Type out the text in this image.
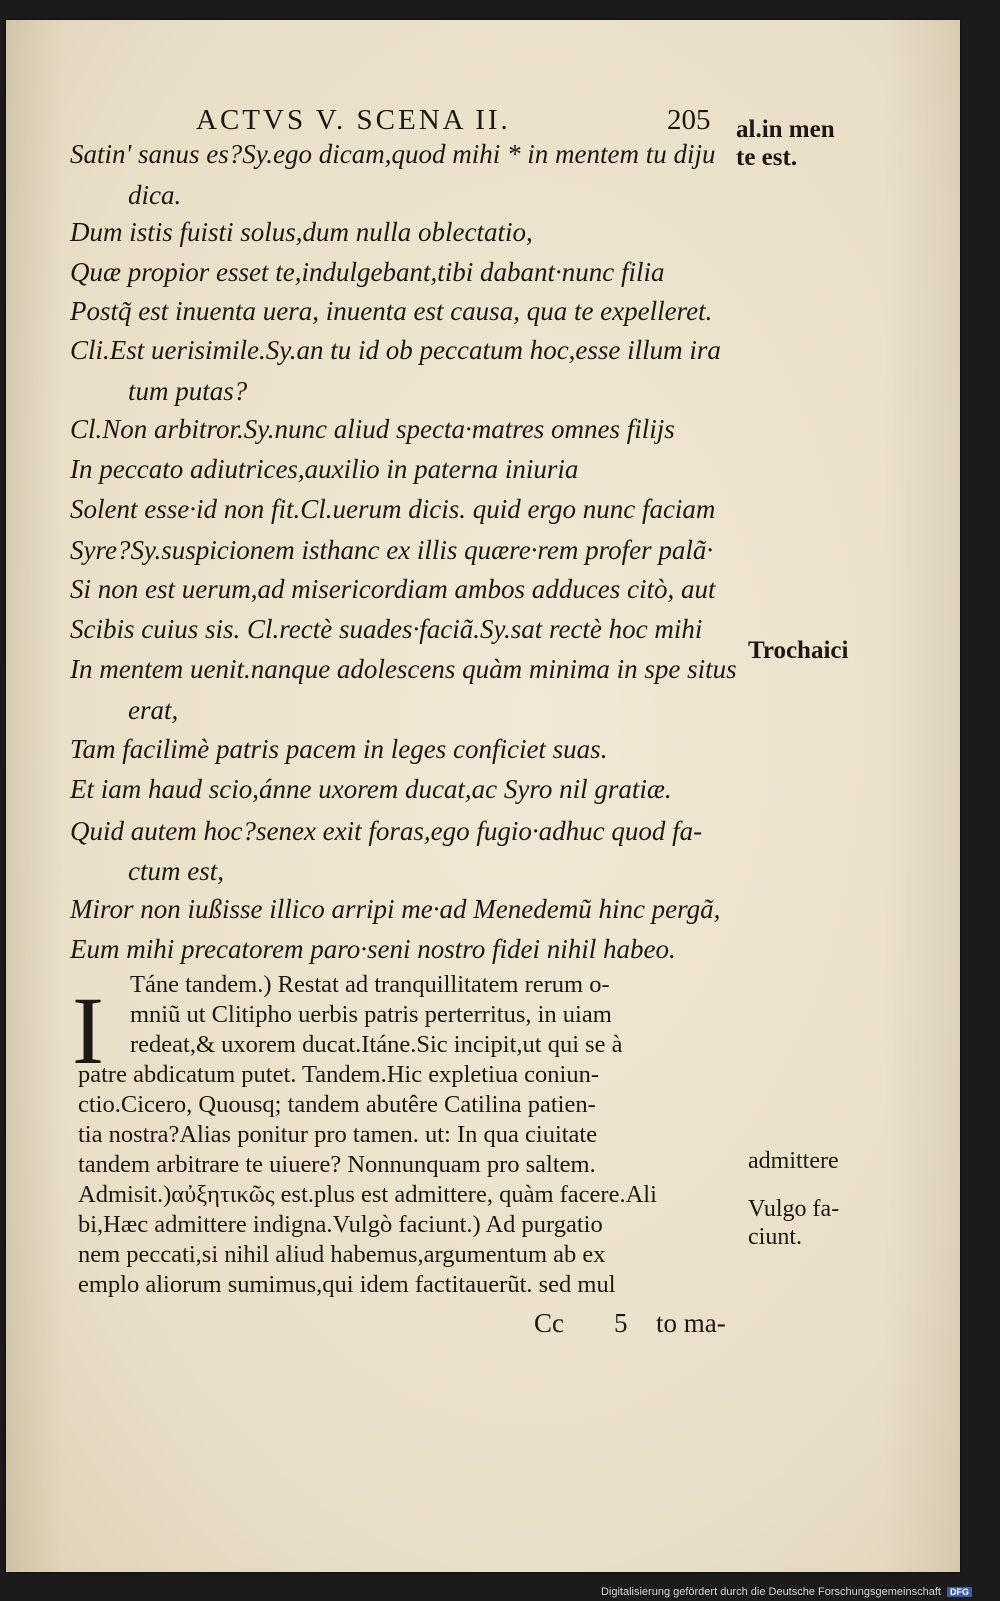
ACTVS V. SCENA II.	205
Satin' sanus es?Sy.ego dicam,quod mihi * in mentem tu diju
dica.
Dum istis fuisti solus,dum nulla oblectatio,
Quæ propior esset te,indulgebant,tibi dabant·nunc filia
Postq̃ est inuenta uera, inuenta est causa, qua te expelleret.
Cli.Est uerisimile.Sy.an tu id ob peccatum hoc,esse illum ira
tum putas?
Cl.Non arbitror.Sy.nunc aliud specta·matres omnes filijs
In peccato adiutrices,auxilio in paterna iniuria
Solent esse·id non fit.Cl.uerum dicis. quid ergo nunc faciam
Syre?Sy.suspicionem isthanc ex illis quære·rem profer palã·
Si non est uerum,ad misericordiam ambos adduces citò, aut
Scibis cuius sis. Cl.rectè suades·faciã.Sy.sat rectè hoc mihi
In mentem uenit.nanque adolescens quàm minima in spe situs
erat,
Tam facilimè patris pacem in leges conficiet suas.
Et iam haud scio,ánne uxorem ducat,ac Syro nil gratiæ.
Quid autem hoc?senex exit foras,ego fugio·adhuc quod fa-
ctum est,
Miror non iußisse illico arripi me·ad Menedemũ hinc pergã,
Eum mihi precatorem paro·seni nostro fidei nihil habeo.
I Táne tandem.) Restat ad tranquillitatem rerum o-
mniũ ut Clitipho uerbis patris perterritus, in uiam
redeat,& uxorem ducat.Itáne.Sic incipit,ut qui se à
patre abdicatum putet. Tandem.Hic expletiua coniun-
ctio.Cicero, Quousq; tandem abutêre Catilina patien-
tia nostra?Alias ponitur pro tamen. ut: In qua ciuitate
tandem arbitrare te uiuere? Nonnunquam pro saltem.
Admisit.)αὐξητικῶς est.plus est admittere, quàm facere.Ali
bi,Hæc admittere indigna.Vulgò faciunt.) Ad purgatio
nem peccati,si nihil aliud habemus,argumentum ab ex
emplo aliorum sumimus,qui idem factitauerũt. sed mul
al.in men
te est.
Trochaici
admittere
Vulgo fa-
ciunt.
Cc 5 to ma-
Digitalisierung gefördert durch die Deutsche Forschungsgemeinschaft DFG
